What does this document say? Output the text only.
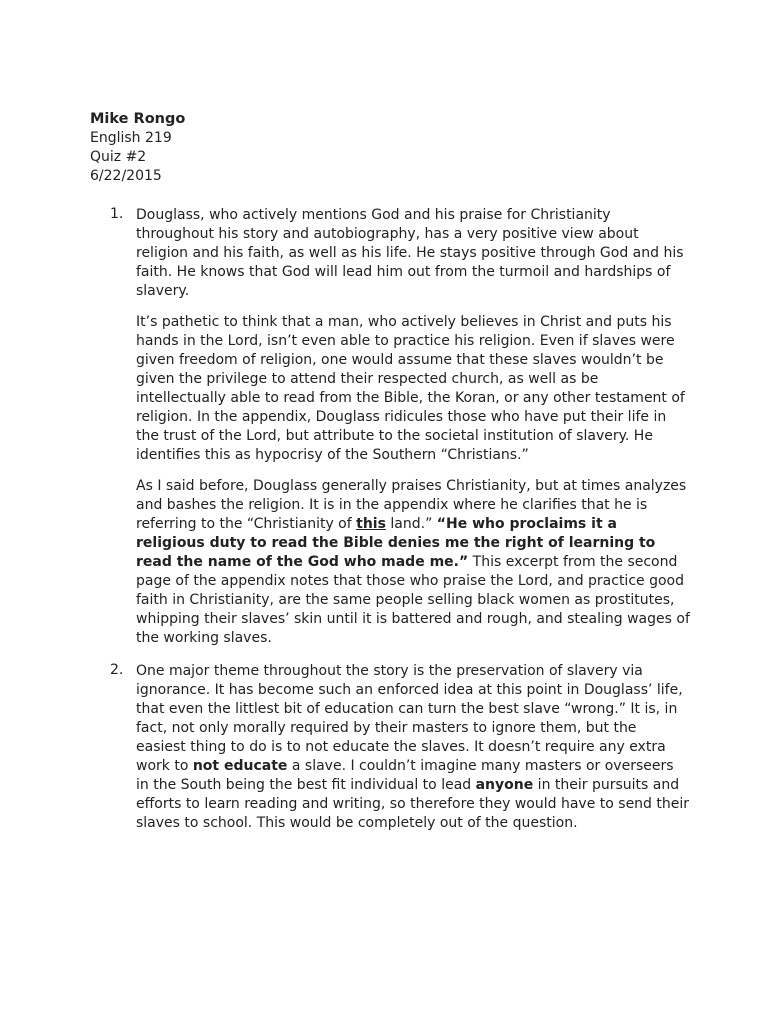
Mike Rongo
English 219
Quiz #2
6/22/2015
1. Douglass, who actively mentions God and his praise for Christianity throughout his story and autobiography, has a very positive view about religion and his faith, as well as his life. He stays positive through God and his faith. He knows that God will lead him out from the turmoil and hardships of slavery.

It’s pathetic to think that a man, who actively believes in Christ and puts his hands in the Lord, isn’t even able to practice his religion. Even if slaves were given freedom of religion, one would assume that these slaves wouldn’t be given the privilege to attend their respected church, as well as be intellectually able to read from the Bible, the Koran, or any other testament of religion. In the appendix, Douglass ridicules those who have put their life in the trust of the Lord, but attribute to the societal institution of slavery. He identifies this as hypocrisy of the Southern “Christians.”

As I said before, Douglass generally praises Christianity, but at times analyzes and bashes the religion. It is in the appendix where he clarifies that he is referring to the “Christianity of this land.” “He who proclaims it a religious duty to read the Bible denies me the right of learning to read the name of the God who made me.” This excerpt from the second page of the appendix notes that those who praise the Lord, and practice good faith in Christianity, are the same people selling black women as prostitutes, whipping their slaves’ skin until it is battered and rough, and stealing wages of the working slaves.

2. One major theme throughout the story is the preservation of slavery via ignorance. It has become such an enforced idea at this point in Douglass’ life, that even the littlest bit of education can turn the best slave “wrong.” It is, in fact, not only morally required by their masters to ignore them, but the easiest thing to do is to not educate the slaves. It doesn’t require any extra work to not educate a slave. I couldn’t imagine many masters or overseers in the South being the best fit individual to lead anyone in their pursuits and efforts to learn reading and writing, so therefore they would have to send their slaves to school. This would be completely out of the question.
